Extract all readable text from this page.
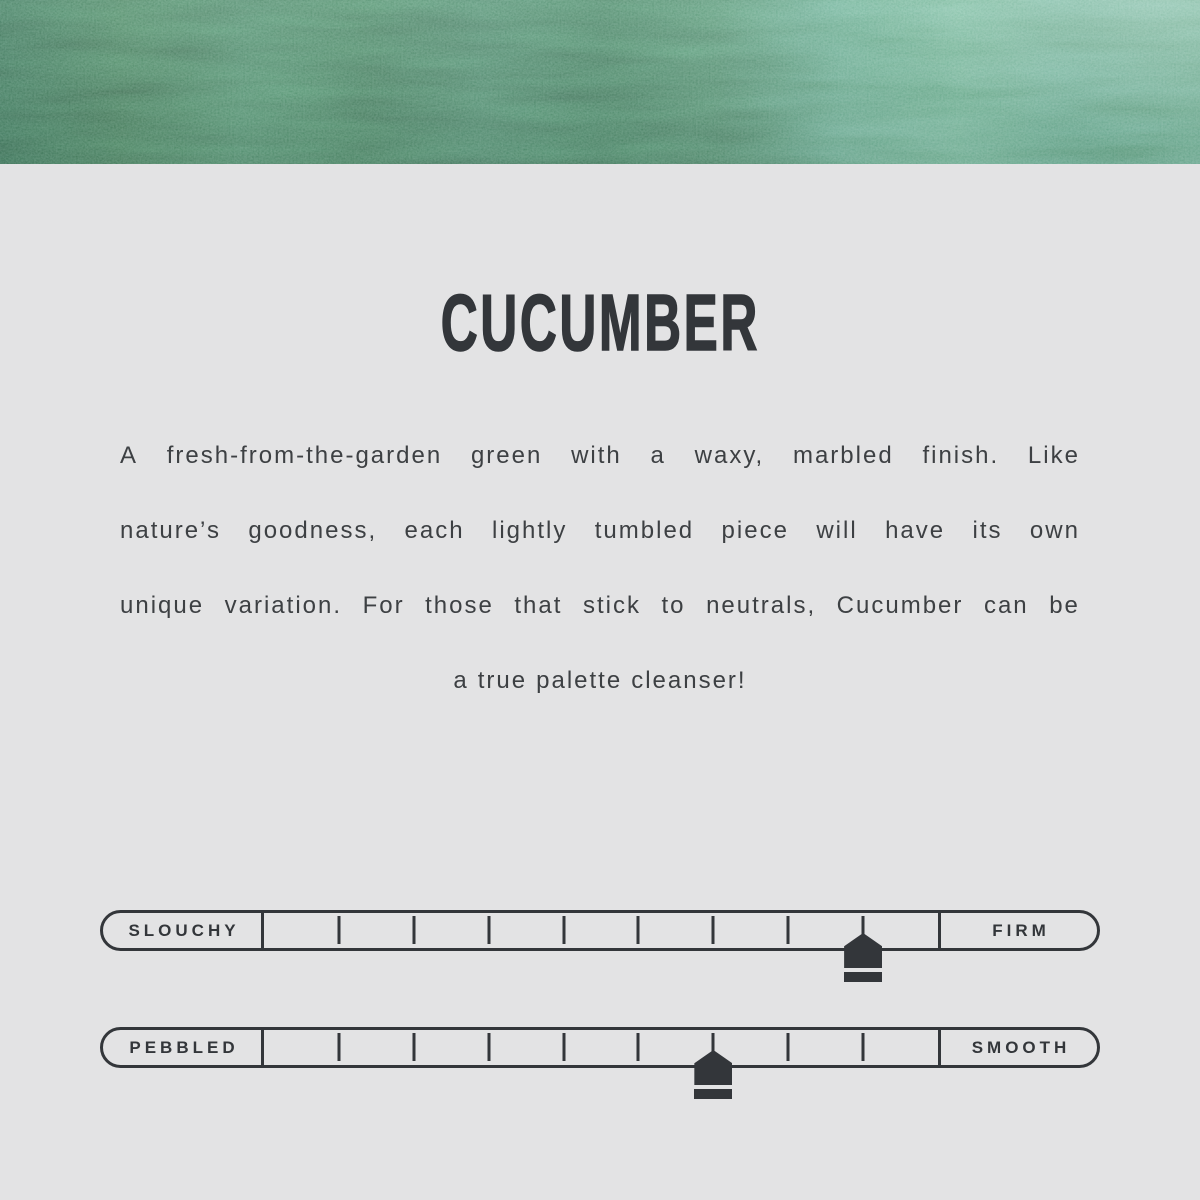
CUCUMBER
A fresh-from-the-garden green with a waxy, marbled finish. Like
nature’s goodness, each lightly tumbled piece will have its own
unique variation. For those that stick to neutrals, Cucumber can be
a true palette cleanser!
SLOUCHY	FIRM
PEBBLED	SMOOTH
